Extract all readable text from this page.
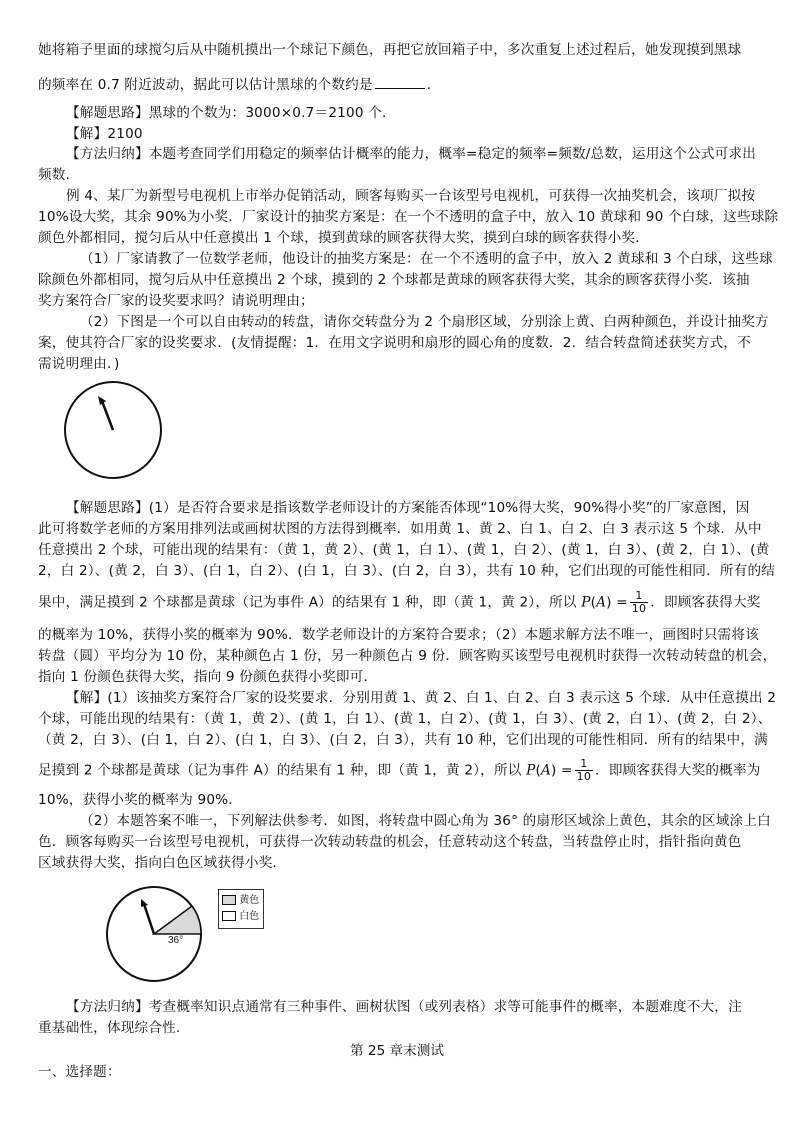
她将箱子里面的球搅匀后从中随机摸出一个球记下颜色，再把它放回箱子中，多次重复上述过程后，她发现摸到黑球
的频率在 0.7 附近波动，据此可以估计黑球的个数约是	．
【解题思路】黑球的个数为：3000×0.7＝2100 个．
【解】2100
【方法归纳】本题考查同学们用稳定的频率估计概率的能力，概率=稳定的频率=频数/总数，运用这个公式可求出
频数.
例 4、某厂为新型号电视机上市举办促销活动，顾客每购买一台该型号电视机，可获得一次抽奖机会，该项厂拟按
10%设大奖，其余 90%为小奖．厂家设计的抽奖方案是：在一个不透明的盒子中，放入 10 黄球和 90 个白球，这些球除
颜色外都相同，搅匀后从中任意摸出 1 个球，摸到黄球的顾客获得大奖，摸到白球的顾客获得小奖．
（1）厂家请教了一位数学老师，他设计的抽奖方案是：在一个不透明的盒子中，放入 2 黄球和 3 个白球，这些球
除颜色外都相同，搅匀后从中任意摸出 2 个球，摸到的 2 个球都是黄球的顾客获得大奖，其余的顾客获得小奖．该抽
奖方案符合厂家的设奖要求吗？请说明理由；
（2）下图是一个可以自由转动的转盘，请你交转盘分为 2 个扇形区域，分别涂上黄、白两种颜色，并设计抽奖方
案，使其符合厂家的设奖要求．(友情提醒：1．在用文字说明和扇形的圆心角的度数．2．结合转盘简述获奖方式，不
需说明理由．)
【解题思路】(1）是否符合要求是指该数学老师设计的方案能否体现“10%得大奖，90%得小奖”的厂家意图，因
此可将数学老师的方案用排列法或画树状图的方法得到概率．如用黄 1、黄 2、白 1、白 2、白 3 表示这 5 个球．从中
任意摸出 2 个球，可能出现的结果有：（黄 1，黄 2）、(黄 1，白 1）、(黄 1，白 2）、(黄 1，白 3）、(黄 2，白 1）、(黄
2，白 2）、(黄 2，白 3）、(白 1，白 2）、(白 1，白 3）、(白 2，白 3），共有 10 种，它们出现的可能性相同．所有的结
果中，满足摸到 2 个球都是黄球（记为事件 A）的结果有 1 种，即（黄 1，黄 2），所以 $P(A) = \frac{1}{10}$ ．即顾客获得大奖
的概率为 10%，获得小奖的概率为 90%．数学老师设计的方案符合要求；（2）本题求解方法不唯一，画图时只需将该
转盘（圆）平均分为 10 份，某种颜色占 1 份，另一种颜色占 9 份．顾客购买该型号电视机时获得一次转动转盘的机会，
指向 1 份颜色获得大奖，指向 9 份颜色获得小奖即可．
【解】(1）该抽奖方案符合厂家的设奖要求．分别用黄 1、黄 2、白 1、白 2、白 3 表示这 5 个球．从中任意摸出 2
个球，可能出现的结果有：（黄 1，黄 2）、(黄 1，白 1）、(黄 1，白 2）、(黄 1，白 3）、(黄 2，白 1）、(黄 2，白 2）、
（黄 2，白 3）、(白 1，白 2）、(白 1，白 3）、(白 2，白 3），共有 10 种，它们出现的可能性相同．所有的结果中，满
足摸到 2 个球都是黄球（记为事件 A）的结果有 1 种，即（黄 1，黄 2），所以 $P(A) = \frac{1}{10}$ ．即顾客获得大奖的概率为
10%，获得小奖的概率为 90%．
（2）本题答案不唯一，下列解法供参考．如图，将转盘中圆心角为 36° 的扇形区域涂上黄色，其余的区域涂上白
色．顾客每购买一台该型号电视机，可获得一次转动转盘的机会，任意转动这个转盘，当转盘停止时，指针指向黄色
区域获得大奖，指向白色区域获得小奖．
36°
黄色
白色
【方法归纳】考查概率知识点通常有三种事件、画树状图（或列表格）求等可能事件的概率，本题难度不大，注
重基础性，体现综合性.
第 25 章末测试
一、选择题：
